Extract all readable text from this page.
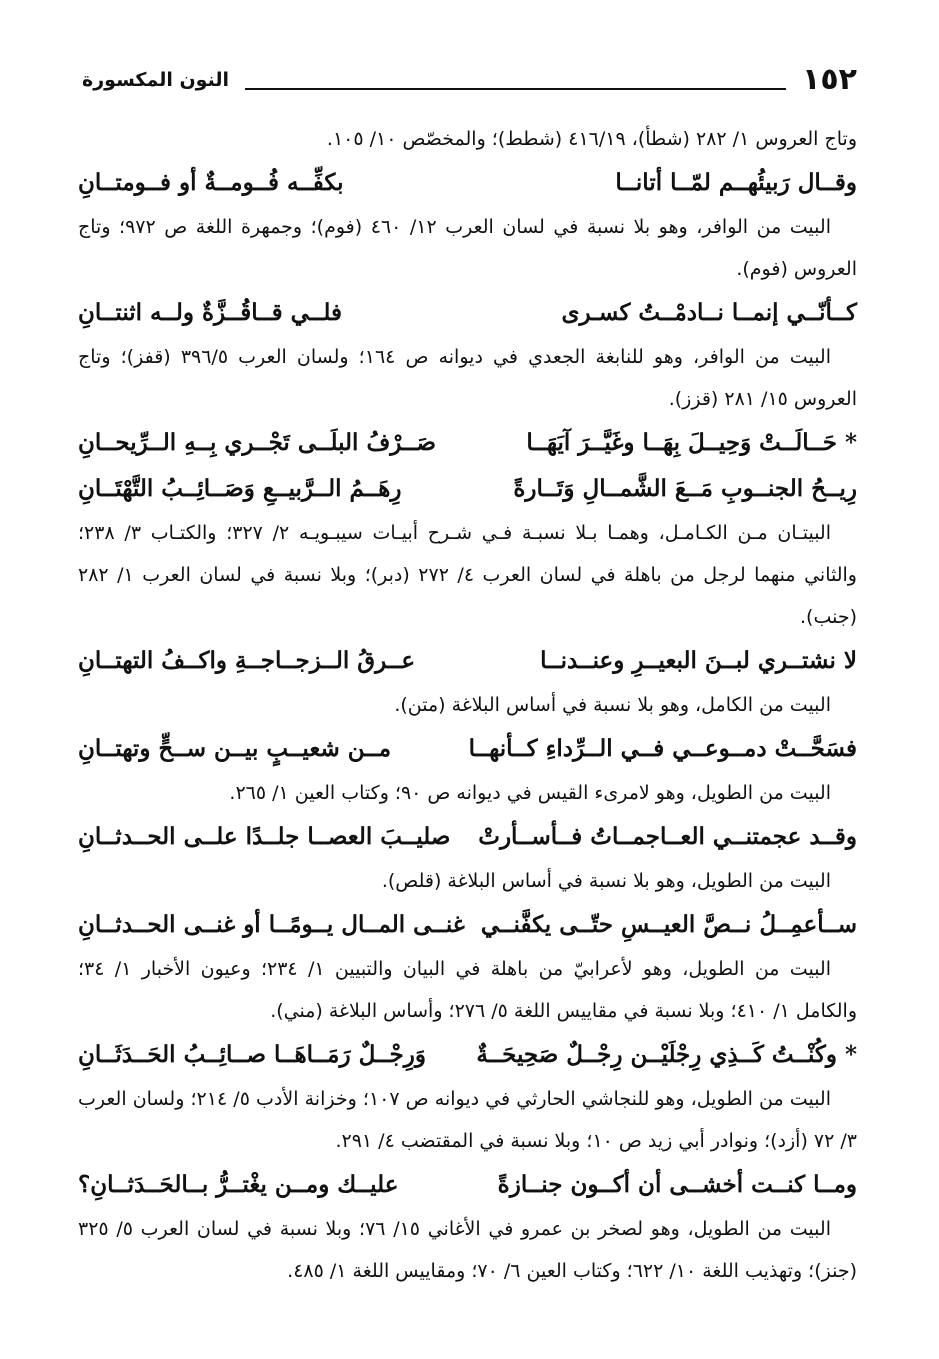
١٥٢
النون المكسورة
وتاج العروس ١/ ٢٨٢ (شطأ)، ٤١٦/١٩ (شطط)؛ والمخصّص ١٠/ ١٠٥.
وقــال رَبيئُهــم لمّــا أتانــا
بكفِّــه فُــومــةٌ أو فــومتــانِ
البيت من الوافر، وهو بلا نسبة في لسان العرب ١٢/ ٤٦٠ (فوم)؛ وجمهرة اللغة ص ٩٧٢؛ وتاج العروس (فوم).
كــأنّــي إنمــا نــادمْــتُ كسـرى
فلــي قــاقُــزَّةٌ ولــه اثنتــانِ
البيت من الوافر، وهو للنابغة الجعدي في ديوانه ص ١٦٤؛ ولسان العرب ٣٩٦/٥ (قفز)؛ وتاج العروس ١٥/ ٢٨١ (قزز).
* حَــالَــتْ وَحِيــلَ بِهَــا وغَيَّــرَ آيَهَــا
صَــرْفُ البلَــى تَجْــري بِــهِ الــرِّيحــانِ
رِيــحُ الجنــوبِ مَــعَ الشَّمــالِ وَتَــارةً
رِهَــمُ الــرَّبيــعِ وَصَــائِــبُ التَّهْتَــانِ
البيتـان مـن الكـامـل، وهمـا بـلا نسبـة فـي شـرح أبيـات سيبـويـه ٢/ ٣٢٧؛ والكتـاب ٣/ ٢٣٨؛ والثاني منهما لرجل من باهلة في لسان العرب ٤/ ٢٧٢ (دبر)؛ وبلا نسبة في لسان العرب ١/ ٢٨٢ (جنب).
لا نشتــري لبــنَ البعيــرِ وعنــدنــا
عــرقُ الــزجــاجــةِ واكــفُ التهتــانِ
البيت من الكامل، وهو بلا نسبة في أساس البلاغة (متن).
فسَحَّــتْ دمــوعــي فــي الــرِّداءِ كــأنهــا
مــن شعيــبٍ بيــن ســحٍّ وتهتــانِ
البيت من الطويل، وهو لامرىء القيس في ديوانه ص ٩٠؛ وكتاب العين ١/ ٢٦٥.
وقــد عجمتنــي العــاجمــاتُ فــأســأرتْ
صليــبَ العصــا جلــدًا علــى الحــدثــانِ
البيت من الطويل، وهو بلا نسبة في أساس البلاغة (قلص).
ســأعمِــلُ نــصَّ العيــسِ حتّــى يكفَّنــي
غنــى المــال يــومًــا أو غنــى الحــدثــانِ
البيت من الطويل، وهو لأعرابيّ من باهلة في البيان والتبيين ١/ ٢٣٤؛ وعيون الأخبار ١/ ٣٤؛ والكامل ١/ ٤١٠؛ وبلا نسبة في مقاييس اللغة ٥/ ٢٧٦؛ وأساس البلاغة (مني).
* وكُنْــتُ كَــذِي رِجْلَيْــن رِجْــلٌ صَحِيحَــةٌ
وَرِجْــلٌ رَمَــاهَــا صــائِــبُ الحَــدَثَــانِ
البيت من الطويل، وهو للنجاشي الحارثي في ديوانه ص ١٠٧؛ وخزانة الأدب ٥/ ٢١٤؛ ولسان العرب ٣/ ٧٢ (أزد)؛ ونوادر أبي زيد ص ١٠؛ وبلا نسبة في المقتضب ٤/ ٢٩١.
ومــا كنــت أخشــى أن أكــون جنــازةً
عليــك ومــن يغْتــرُّ بــالحَــدَثــانِ؟
البيت من الطويل، وهو لصخر بن عمرو في الأغاني ١٥/ ٧٦؛ وبلا نسبة في لسان العرب ٥/ ٣٢٥ (جنز)؛ وتهذيب اللغة ١٠/ ٦٢٢؛ وكتاب العين ٦/ ٧٠؛ ومقاييس اللغة ١/ ٤٨٥.
